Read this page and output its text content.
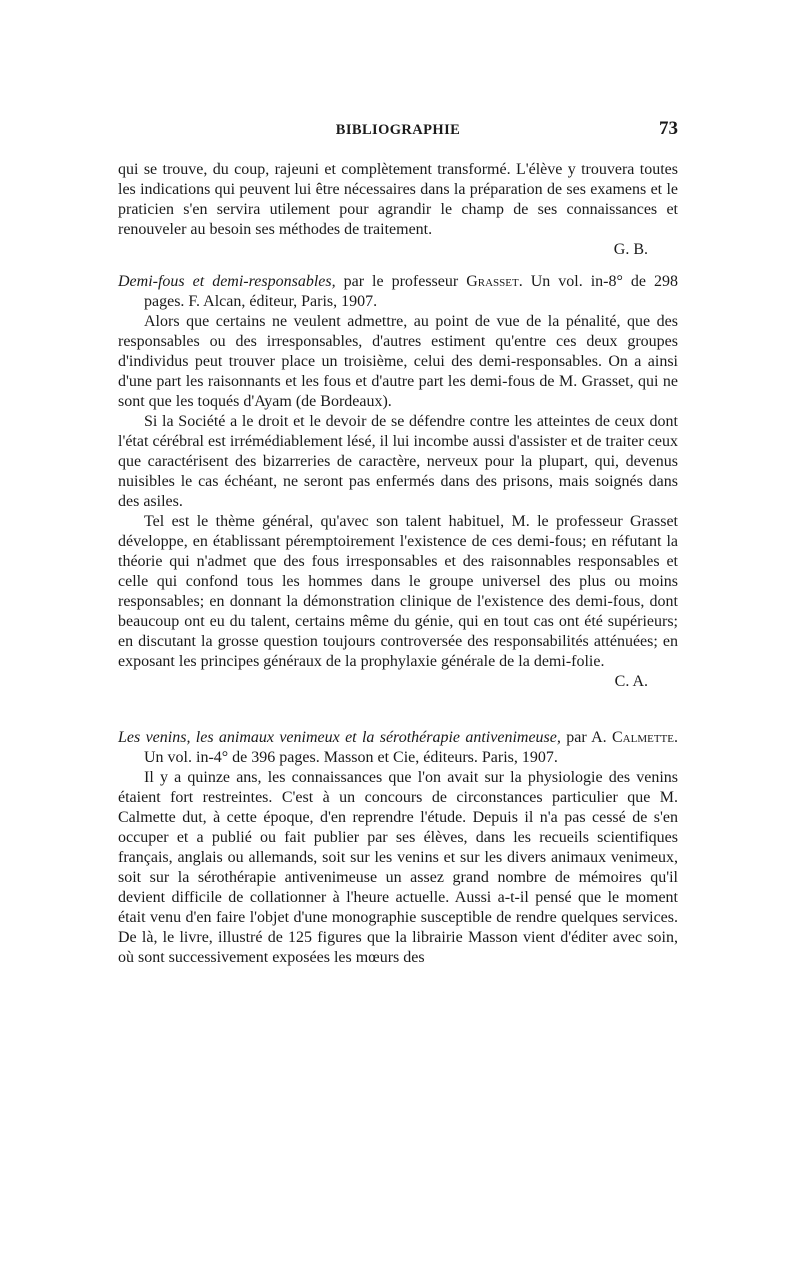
BIBLIOGRAPHIE	73

qui se trouve, du coup, rajeuni et complètement transformé. L'élève y trouvera toutes les indications qui peuvent lui être nécessaires dans la préparation de ses examens et le praticien s'en servira utilement pour agrandir le champ de ses connaissances et renouveler au besoin ses méthodes de traitement.

G. B.

Demi-fous et demi-responsables, par le professeur Grasset. Un vol. in-8° de 298 pages. F. Alcan, éditeur, Paris, 1907.

Alors que certains ne veulent admettre, au point de vue de la pénalité, que des responsables ou des irresponsables, d'autres estiment qu'entre ces deux groupes d'individus peut trouver place un troisième, celui des demi-responsables. On a ainsi d'une part les raisonnants et les fous et d'autre part les demi-fous de M. Grasset, qui ne sont que les toqués d'Ayam (de Bordeaux).

Si la Société a le droit et le devoir de se défendre contre les atteintes de ceux dont l'état cérébral est irrémédiablement lésé, il lui incombe aussi d'assister et de traiter ceux que caractérisent des bizarreries de caractère, nerveux pour la plupart, qui, devenus nuisibles le cas échéant, ne seront pas enfermés dans des prisons, mais soignés dans des asiles.

Tel est le thème général, qu'avec son talent habituel, M. le professeur Grasset développe, en établissant péremptoirement l'existence de ces demi-fous; en réfutant la théorie qui n'admet que des fous irresponsables et des raisonnables responsables et celle qui confond tous les hommes dans le groupe universel des plus ou moins responsables; en donnant la démonstration clinique de l'existence des demi-fous, dont beaucoup ont eu du talent, certains même du génie, qui en tout cas ont été supérieurs; en discutant la grosse question toujours controversée des responsabilités atténuées; en exposant les principes généraux de la prophylaxie générale de la demi-folie.

C. A.

Les venins, les animaux venimeux et la sérothérapie antivenimeuse, par A. Calmette. Un vol. in-4° de 396 pages. Masson et Cie, éditeurs. Paris, 1907.

Il y a quinze ans, les connaissances que l'on avait sur la physiologie des venins étaient fort restreintes. C'est à un concours de circonstances particulier que M. Calmette dut, à cette époque, d'en reprendre l'étude. Depuis il n'a pas cessé de s'en occuper et a publié ou fait publier par ses élèves, dans les recueils scientifiques français, anglais ou allemands, soit sur les venins et sur les divers animaux venimeux, soit sur la sérothérapie antivenimeuse un assez grand nombre de mémoires qu'il devient difficile de collationner à l'heure actuelle. Aussi a-t-il pensé que le moment était venu d'en faire l'objet d'une monographie susceptible de rendre quelques services. De là, le livre, illustré de 125 figures que la librairie Masson vient d'éditer avec soin, où sont successivement exposées les mœurs des
